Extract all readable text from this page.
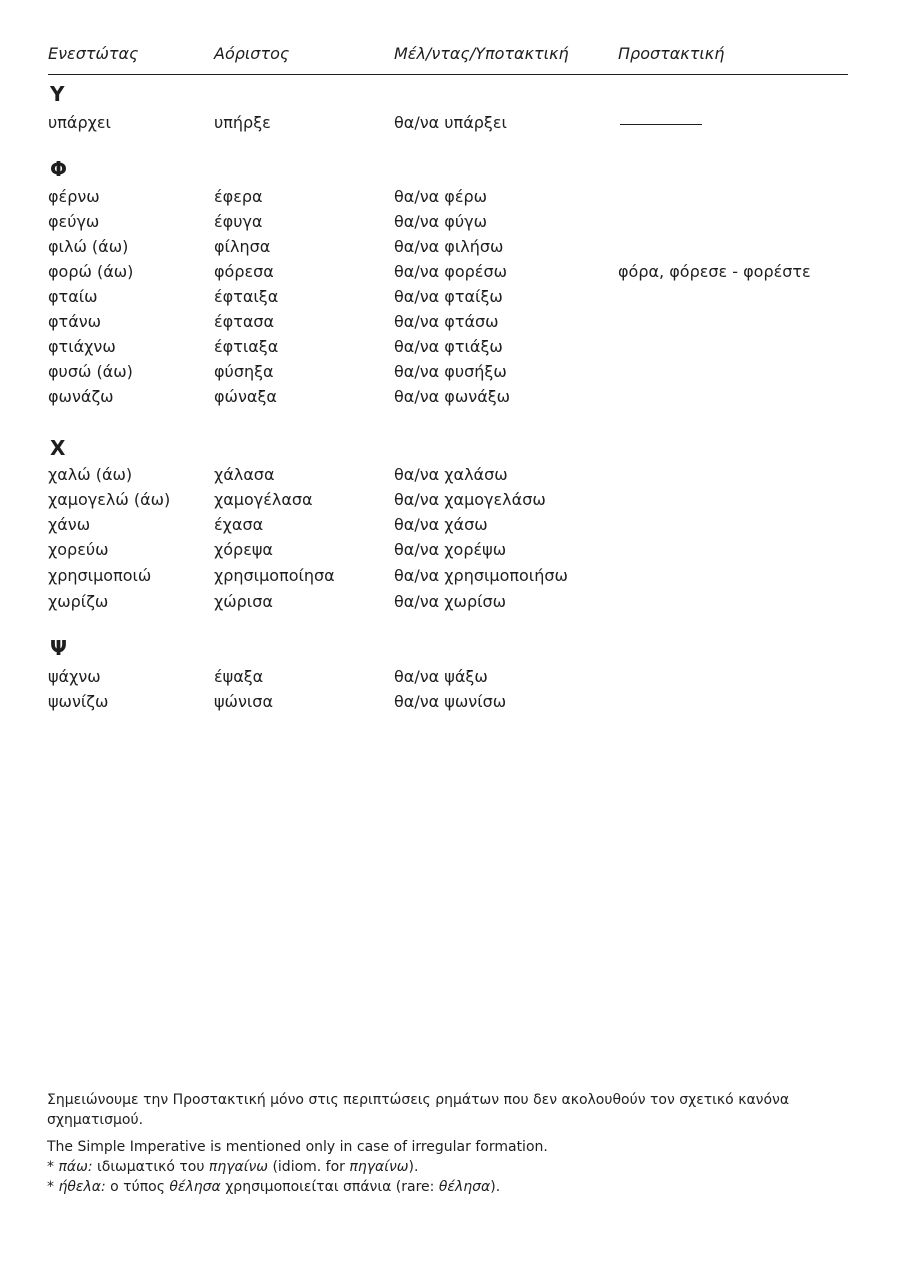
Ενεστώτας	Αόριστος	Μέλ/ντας/Υποτακτική	Προστακτική
Υ
υπάρχει	υπήρξε	θα/να υπάρξει
Φ
φέρνω	έφερα	θα/να φέρω
φεύγω	έφυγα	θα/να φύγω
φιλώ (άω)	φίλησα	θα/να φιλήσω
φορώ (άω)	φόρεσα	θα/να φορέσω	φόρα, φόρεσε - φορέστε
φταίω	έφταιξα	θα/να φταίξω
φτάνω	έφτασα	θα/να φτάσω
φτιάχνω	έφτιαξα	θα/να φτιάξω
φυσώ (άω)	φύσηξα	θα/να φυσήξω
φωνάζω	φώναξα	θα/να φωνάξω
Χ
χαλώ (άω)	χάλασα	θα/να χαλάσω
χαμογελώ (άω)	χαμογέλασα	θα/να χαμογελάσω
χάνω	έχασα	θα/να χάσω
χορεύω	χόρεψα	θα/να χορέψω
χρησιμοποιώ	χρησιμοποίησα	θα/να χρησιμοποιήσω
χωρίζω	χώρισα	θα/να χωρίσω
Ψ
ψάχνω	έψαξα	θα/να ψάξω
ψωνίζω	ψώνισα	θα/να ψωνίσω

Σημειώνουμε την Προστακτική μόνο στις περιπτώσεις ρημάτων που δεν ακολουθούν τον σχετικό κανόνα σχηματισμού.

The Simple Imperative is mentioned only in case of irregular formation.

* πάω: ιδιωματικό του πηγαίνω (idiom. for πηγαίνω).

* ήθελα: ο τύπος θέλησα χρησιμοποιείται σπάνια (rare: θέλησα).
